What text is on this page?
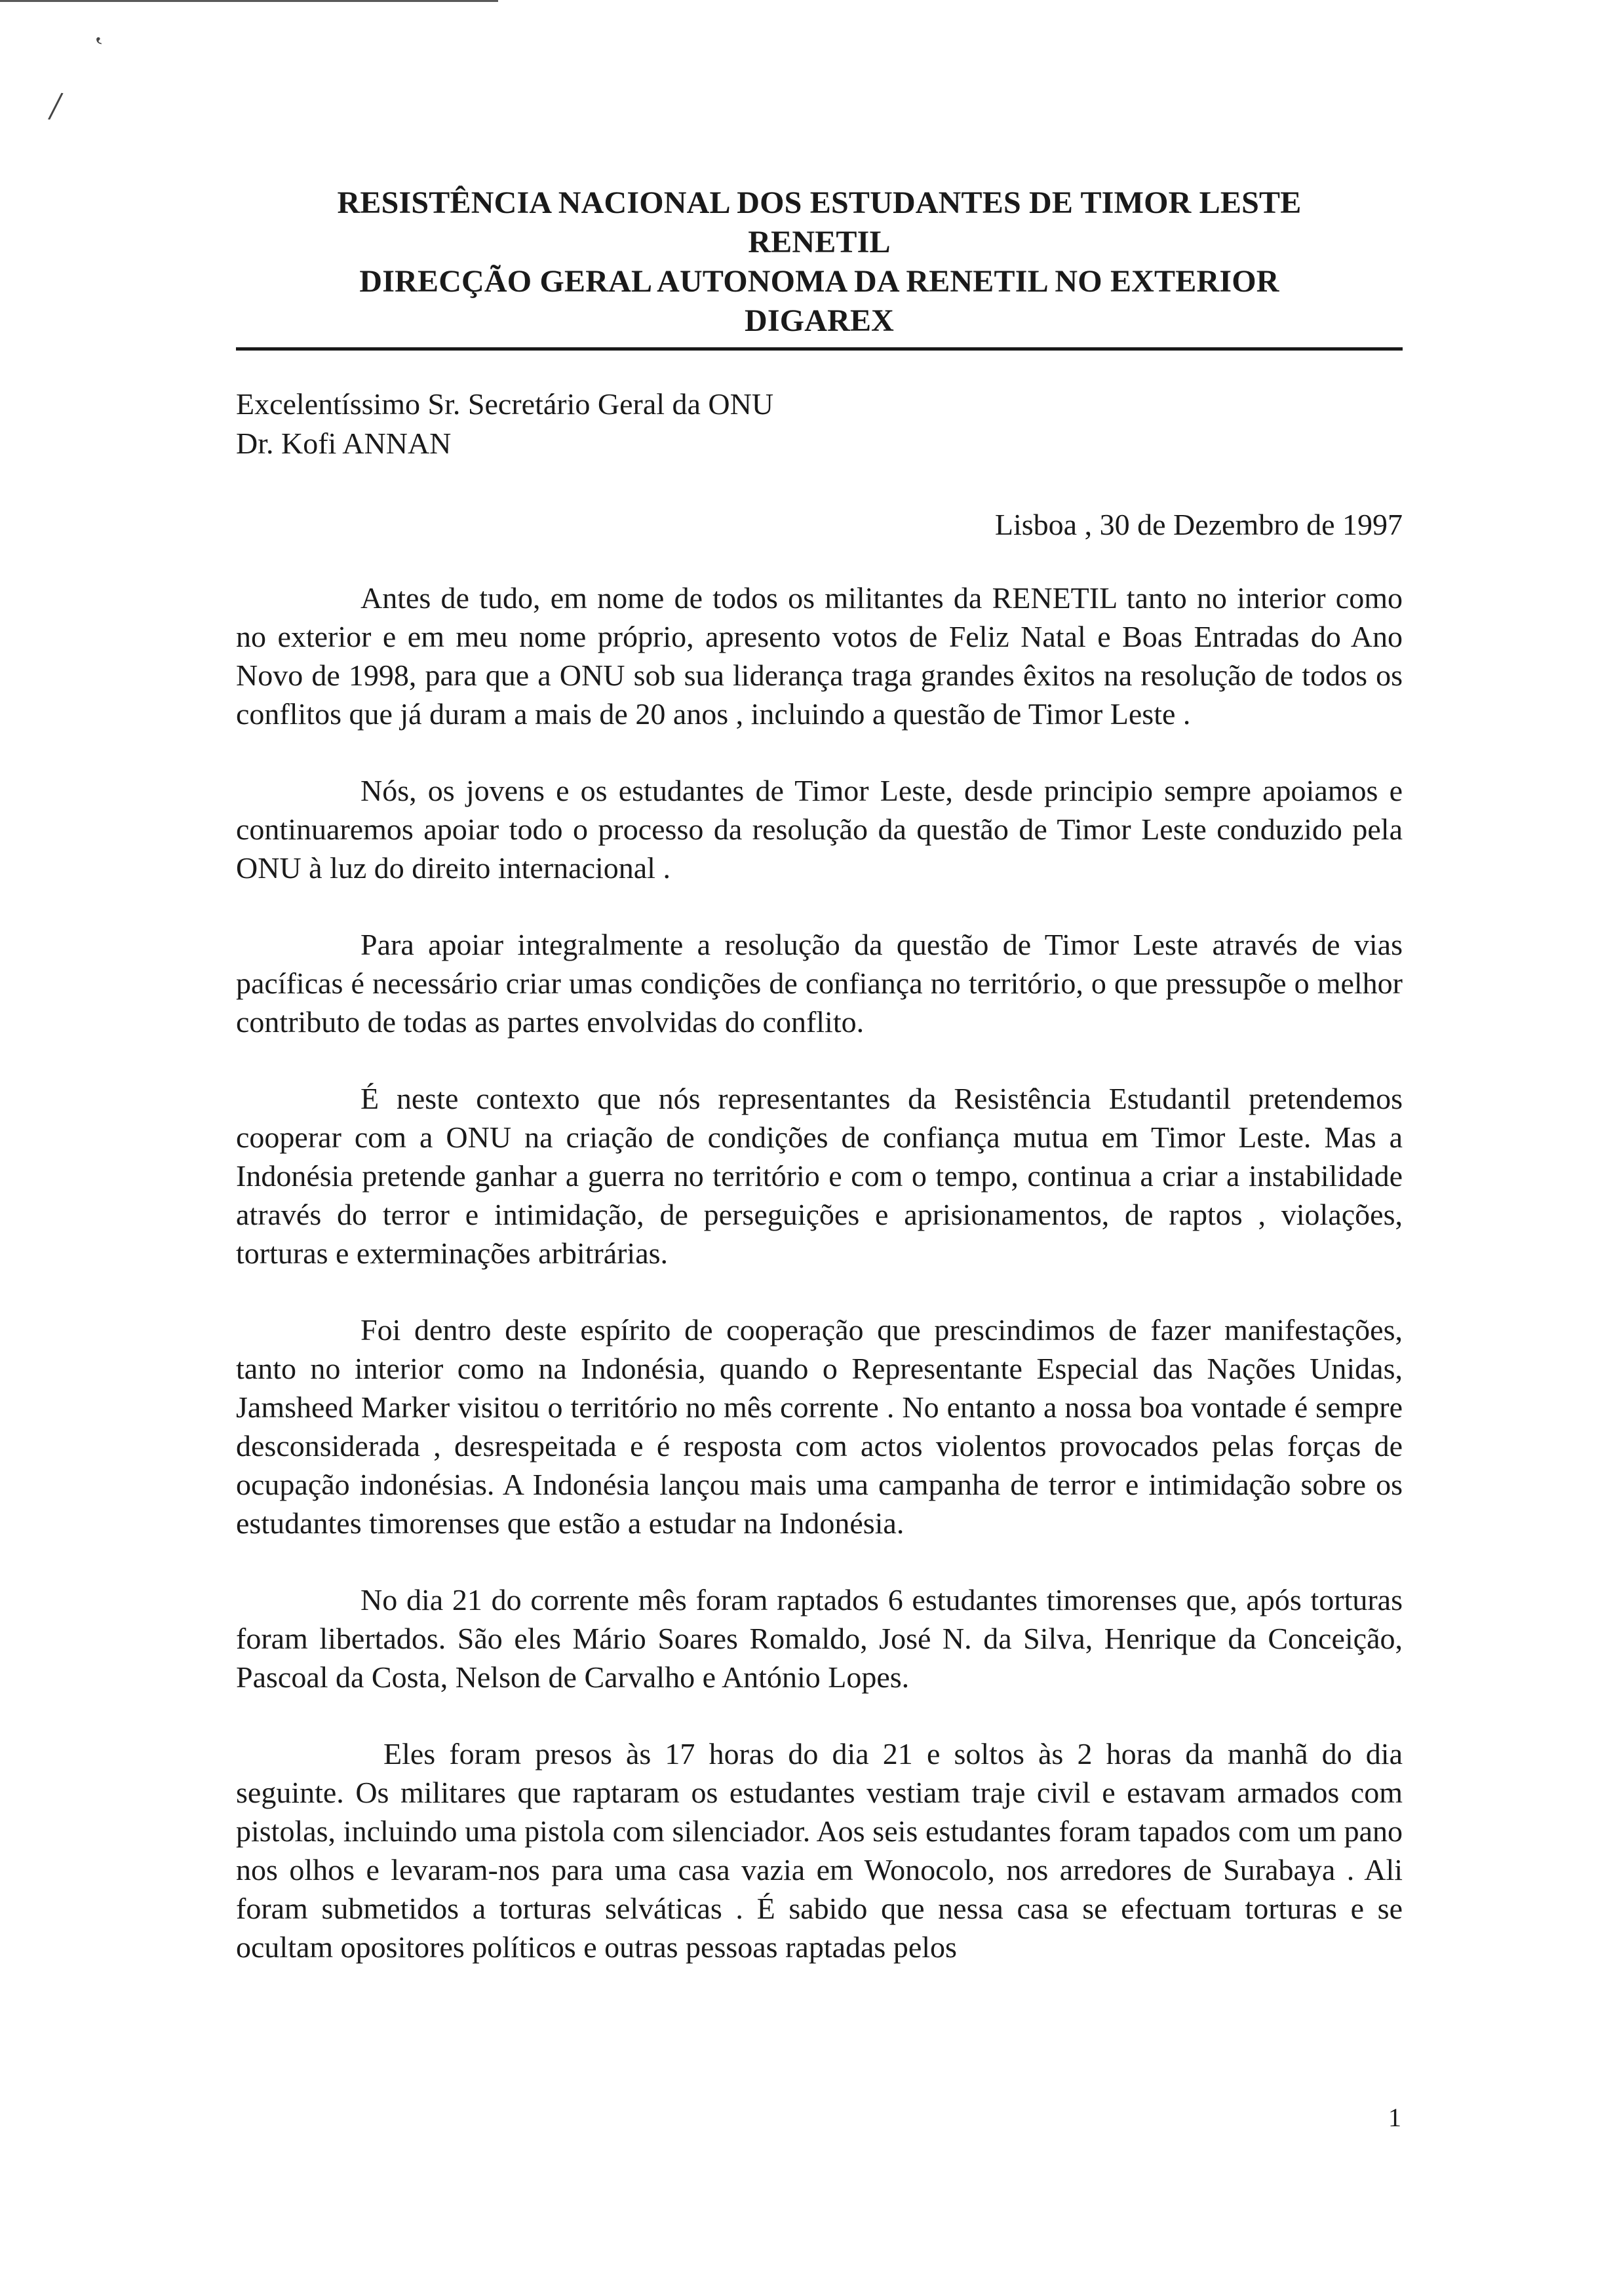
ʽ
/

RESISTÊNCIA NACIONAL DOS ESTUDANTES DE TIMOR LESTE

RENETIL

DIRECÇÃO GERAL AUTONOMA DA RENETIL NO EXTERIOR

DIGAREX

Excelentíssimo Sr. Secretário Geral da ONU

Dr. Kofi ANNAN

Lisboa , 30 de Dezembro de 1997

Antes de tudo, em nome de todos os militantes da RENETIL tanto no interior como no exterior e em meu nome próprio, apresento votos de Feliz Natal e Boas Entradas do Ano Novo de 1998, para que a ONU sob sua liderança traga grandes êxitos na resolução de todos os conflitos que já duram a mais de 20 anos , incluindo a questão de Timor Leste .

Nós, os jovens e os estudantes de Timor Leste, desde principio sempre apoiamos e continuaremos apoiar todo o processo da resolução da questão de Timor Leste conduzido pela ONU à luz do direito internacional .

Para apoiar integralmente a resolução da questão de Timor Leste através de vias pacíficas é necessário criar umas condições de confiança no território, o que pressupõe o melhor contributo de todas as partes envolvidas do conflito.

É neste contexto que nós representantes da Resistência Estudantil pretendemos cooperar com a ONU na criação de condições de confiança mutua em Timor Leste. Mas a Indonésia pretende ganhar a guerra no território e com o tempo, continua a criar a instabilidade através do terror e intimidação, de perseguições e aprisionamentos, de raptos , violações, torturas e exterminações arbitrárias.

Foi dentro deste espírito de cooperação que prescindimos de fazer manifestações, tanto no interior como na Indonésia, quando o Representante Especial das Nações Unidas, Jamsheed Marker visitou o território no mês corrente . No entanto a nossa boa vontade é sempre desconsiderada , desrespeitada e é resposta com actos violentos provocados pelas forças de ocupação indonésias. A Indonésia lançou mais uma campanha de terror e intimidação sobre os estudantes timorenses que estão a estudar na Indonésia.

No dia 21 do corrente mês foram raptados 6 estudantes timorenses que, após torturas foram libertados. São eles Mário Soares Romaldo, José N. da Silva, Henrique da Conceição, Pascoal da Costa, Nelson de Carvalho e António Lopes.

Eles foram presos às 17 horas do dia 21 e soltos às 2 horas da manhã do dia seguinte. Os militares que raptaram os estudantes vestiam traje civil e estavam armados com pistolas, incluindo uma pistola com silenciador. Aos seis estudantes foram tapados com um pano nos olhos e levaram-nos para uma casa vazia em Wonocolo, nos arredores de Surabaya . Ali foram submetidos a torturas selváticas . É sabido que nessa casa se efectuam torturas e se ocultam opositores políticos e outras pessoas raptadas pelos

1
